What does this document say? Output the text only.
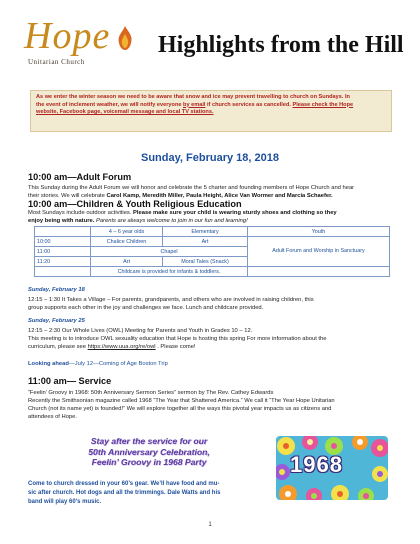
Hope
Unitarian Church
Highlights from the Hill
As we enter the winter season we need to be aware that snow and ice may prevent travelling to church on Sundays. In
the event of inclement weather, we will notify everyone by email if church services as cancelled. Please check the Hope
website, Facebook page, voicemail message and local TV stations.
Sunday, February 18, 2018
10:00 am—Adult Forum
This Sunday during the Adult Forum we will honor and celebrate the 5 charter and founding members of Hope Church and hear
their stories. We will celebrate Carol Kamp, Meredith Miller, Paula Height, Alice Van Wormer and Marcia Schaefer.
10:00 am—Children & Youth Religious Education
Most Sundays include outdoor activities. Please make sure your child is wearing sturdy shoes and clothing so they
enjoy being with nature. Parents are always welcome to join in our fun and learning!
	4 – 6 year olds	Elementary	Youth
10:00	Chalice Children	Art	Adult Forum and Worship in Sanctuary
11:00	Chapel		
11:20	Art	Moral Tales (Snack)	
	Childcare is provided for infants & toddlers.		
Sunday, February 18
12:15 – 1:30 It Takes a Village – For parents, grandparents, and others who are involved in raising children, this
group supports each other in the joy and challenges we face. Lunch and childcare provided.
Sunday, February 25
12:15 – 2:30 Our Whole Lives (OWL) Meeting for Parents and Youth in Grades 10 – 12.
This meeting is to introduce OWL sexuality education that Hope is hosting this spring For more information about the
curriculum, please see https://www.uua.org/re/owl . Please come!
Looking ahead—July 12—Coming of Age Boston Trip
11:00 am— Service
“Feelin’ Groovy in 1968: 50th Anniversary Sermon Series” sermon by The Rev. Cathey Edwards
Recently the Smithsonian magazine called 1968 “The Year that Shattered America.” We call it “The Year Hope Unitarian
Church (not its name yet) is founded!” We will explore together all the ways this pivotal year impacts us as citizens and
attendees of Hope.
Stay after the service for our
50th Anniversary Celebration,
Feelin’ Groovy in 1968 Party	1968
Come to church dressed in your 60’s gear. We’ll have food and mu-
sic after church. Hot dogs and all the trimmings. Dale Watts and his
band will play 60’s music.
1
